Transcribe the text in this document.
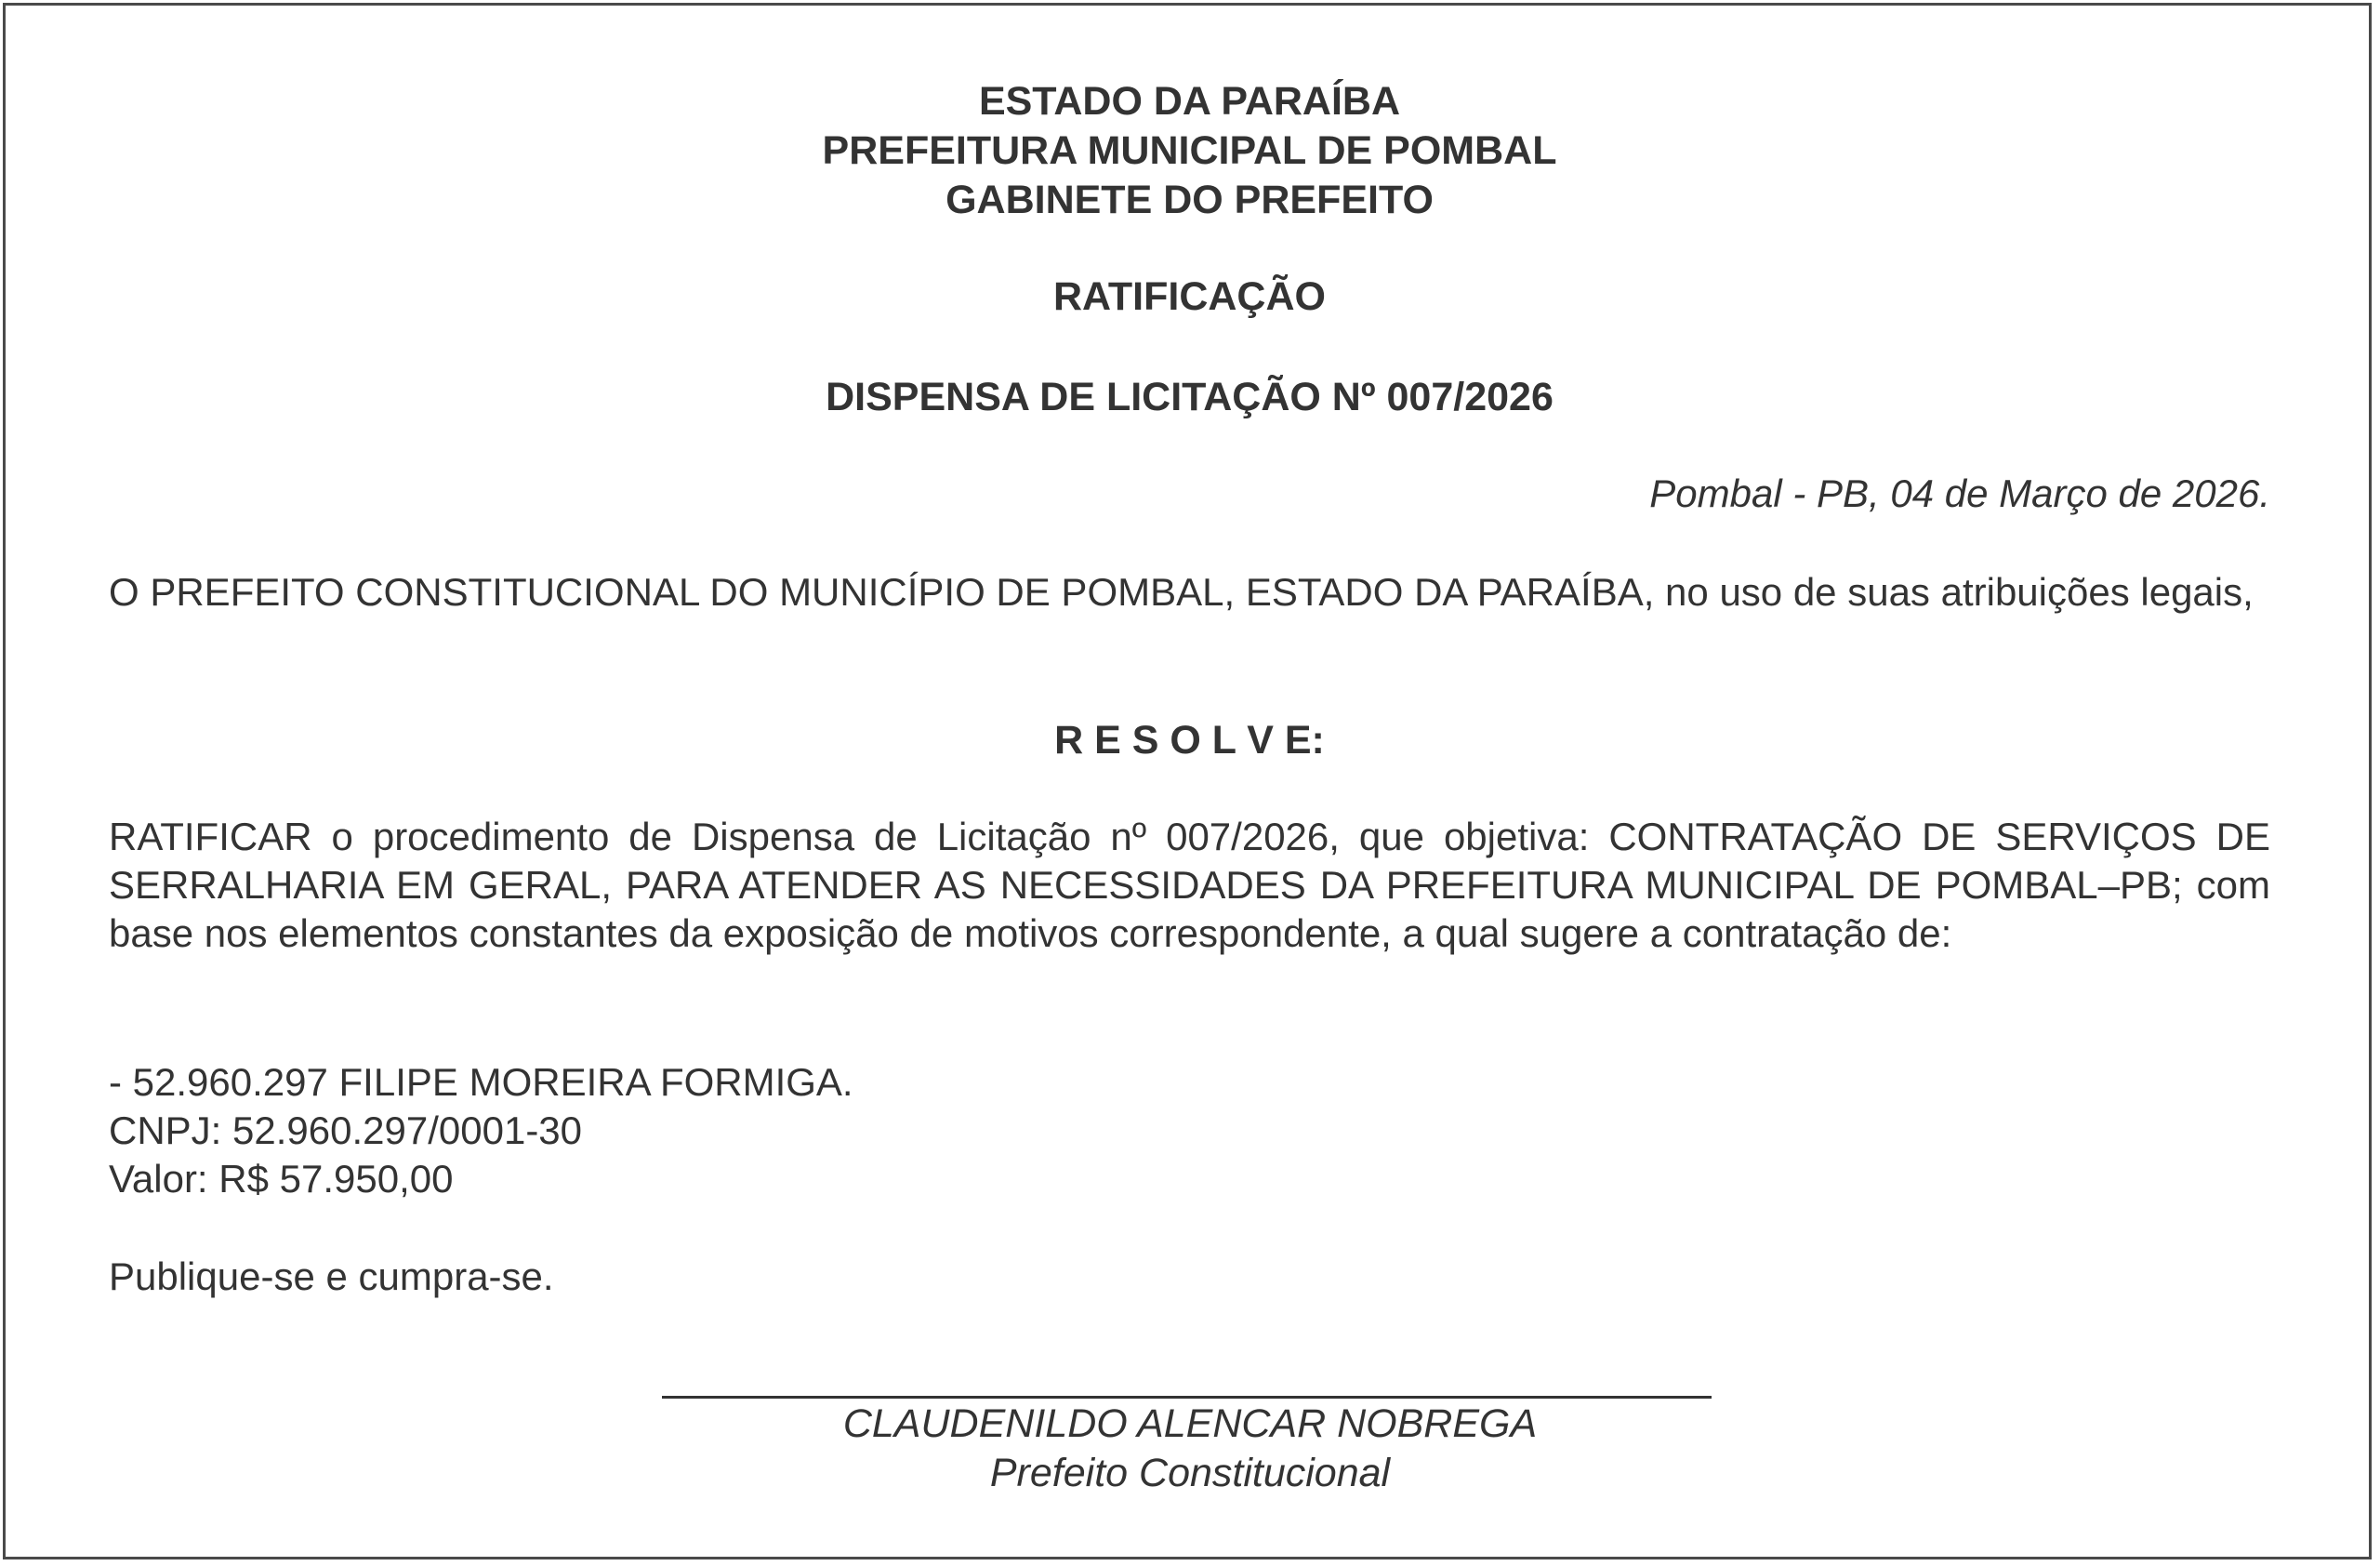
ESTADO DA PARAÍBA
PREFEITURA MUNICIPAL DE POMBAL
GABINETE DO PREFEITO
RATIFICAÇÃO
DISPENSA DE LICITAÇÃO Nº 007/2026
Pombal - PB, 04 de Março de 2026.
O PREFEITO CONSTITUCIONAL DO MUNICÍPIO DE POMBAL, ESTADO DA PARAÍBA, no uso de suas atribuições legais,
R E S O L V E:
RATIFICAR o procedimento de Dispensa de Licitação nº 007/2026, que objetiva: CONTRATAÇÃO DE SERVIÇOS DE SERRALHARIA EM GERAL, PARA ATENDER AS NECESSIDADES DA PREFEITURA MUNICIPAL DE POMBAL–PB; com base nos elementos constantes da exposição de motivos correspondente, a qual sugere a contratação de:
- 52.960.297 FILIPE MOREIRA FORMIGA.
CNPJ: 52.960.297/0001-30
Valor: R$ 57.950,00
Publique-se e cumpra-se.
CLAUDENILDO ALENCAR NOBREGA
Prefeito Constitucional
